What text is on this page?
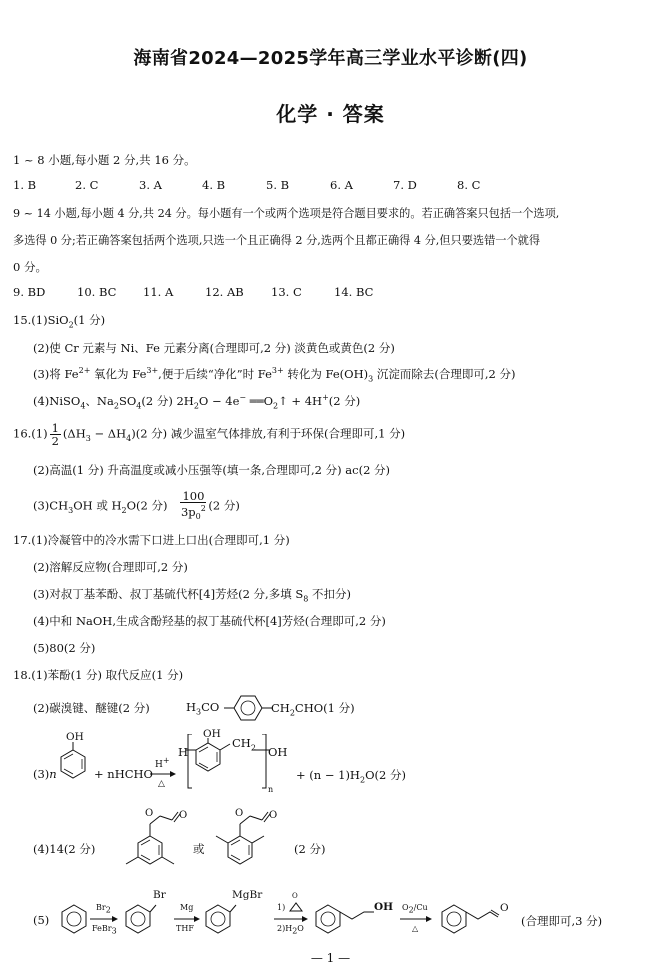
海南省2024—2025学年高三学业水平诊断(四)
化学 · 答案
1 ~ 8 小题,每小题 2 分,共 16 分。
1. B	2. C	3. A	4. B	5. B	6. A	7. D	8. C
9 ~ 14 小题,每小题 4 分,共 24 分。每小题有一个或两个选项是符合题目要求的。若正确答案只包括一个选项,
多选得 0 分;若正确答案包括两个选项,只选一个且正确得 2 分,选两个且都正确得 4 分,但只要选错一个就得
0 分。
9. BD	10. BC	11. A	12. AB	13. C	14. BC
15.(1)SiO$_2$(1 分)
(2)使 Cr 元素与 Ni、Fe 元素分离(合理即可,2 分) 淡黄色或黄色(2 分)
(3)将 $Fe^{2+}$ 氧化为 $Fe^{3+}$,便于后续“净化”时 $Fe^{3+}$ 转化为 $Fe(OH)_3$ 沉淀而除去(合理即可,2 分)
(4)NiSO$_4$、$Na_2SO_4(2$ 分) $2H_2O - 4e^-$ $══O_2↑ + 4H^+(2$ 分)
$16.(1) \frac{1}{2} (\Delta H_3 - \Delta H_4)(2$ 分) 减少温室气体排放,有利于环保(合理即可,1 分)
(2)高温(1 分) 升高温度或减小压强等(填一条,合理即可,2 分) ac(2 分)
$(3)CH_3OH$ 或 $H_2O(2$ 分) $\frac{100}{3p_0^2} (2$ 分)
17.(1)冷凝管中的冷水需下口进上口出(合理即可,1 分)
(2)溶解反应物(合理即可,2 分)
(3)对叔丁基苯酚、叔丁基硫代杯[4]芳烃(2 分,多填 $S_8$ 不扣分)
(4)中和 NaOH,生成含酚羟基的叔丁基硫代杯[4]芳烃(合理即可,2 分)
(5)80(2 分)
18.(1)苯酚(1 分) 取代反应(1 分)
(2)碳溴键、醚键(2 分)	$H_3CO$	$CH_2CHO(1$ 分)
(3)n
OH
+ nHCHO
H+
△
H
OH
$CH_2$ OH
n
+ $(n - 1)H_2O(2$ 分)
(4)14(2 分)
O	O
或
O	O
(2 分)
(5)
$Br_2$
FeBr$_3$
Br
Mg
THF
MgBr
1)
O
$2)H_2O$
OH $O_2/Cu$
△
O
(合理即可,3 分)
— 1 —
